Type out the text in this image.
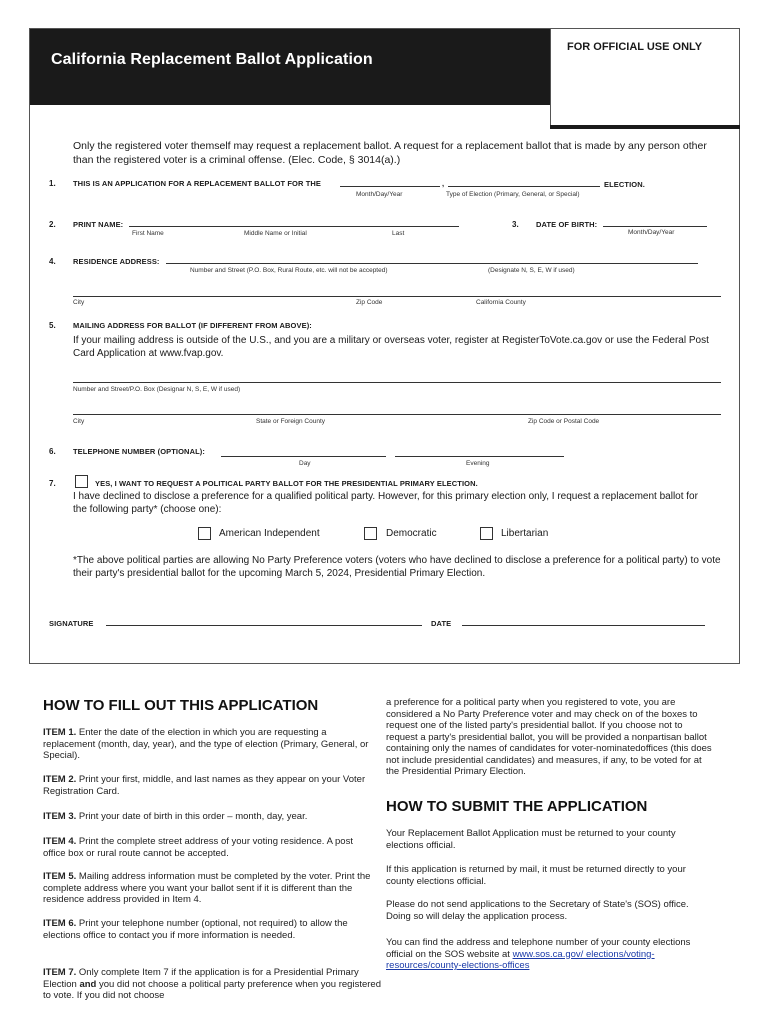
California Replacement Ballot Application
FOR OFFICIAL USE ONLY
Only the registered voter themself may request a replacement ballot. A request for a replacement ballot that is made by any person other than the registered voter is a criminal offense. (Elec. Code, § 3014(a).)
1. THIS IS AN APPLICATION FOR A REPLACEMENT BALLOT FOR THE	,	ELECTION.
Month/Day/Year	Type of Election (Primary, General, or Special)
2. PRINT NAME:
First Name	Middle Name or Initial	Last
3. DATE OF BIRTH:
Month/Day/Year
4. RESIDENCE ADDRESS:
Number and Street (P.O. Box, Rural Route, etc. will not be accepted)	(Designate N, S, E, W if used)
City	Zip Code	California County
5. MAILING ADDRESS FOR BALLOT (IF DIFFERENT FROM ABOVE):
If your mailing address is outside of the U.S., and you are a military or overseas voter, register at RegisterToVote.ca.gov or use the Federal Post Card Application at www.fvap.gov.
Number and Street/P.O. Box (Designar N, S, E, W if used)
City	State or Foreign County	Zip Code or Postal Code
6. TELEPHONE NUMBER (OPTIONAL):
Day	Evening
7.	YES, I WANT TO REQUEST A POLITICAL PARTY BALLOT FOR THE PRESIDENTIAL PRIMARY ELECTION.
I have declined to disclose a preference for a qualified political party. However, for this primary election only, I request a replacement ballot for the following party* (choose one):
American Independent	Democratic	Libertarian
*The above political parties are allowing No Party Preference voters (voters who have declined to disclose a preference for a political party) to vote their party's presidential ballot for the upcoming March 5, 2024, Presidential Primary Election.
SIGNATURE	DATE
HOW TO FILL OUT THIS APPLICATION
ITEM 1. Enter the date of the election in which you are requesting a replacement (month, day, year), and the type of election (Primary, General, or Special).
ITEM 2. Print your first, middle, and last names as they appear on your Voter Registration Card.
ITEM 3. Print your date of birth in this order – month, day, year.
ITEM 4. Print the complete street address of your voting residence. A post office box or rural route cannot be accepted.
ITEM 5. Mailing address information must be completed by the voter. Print the complete address where you want your ballot sent if it is different than the residence address provided in Item 4.
ITEM 6. Print your telephone number (optional, not required) to allow the elections office to contact you if more information is needed.
ITEM 7. Only complete Item 7 if the application is for a Presidential Primary Election and you did not choose a political party preference when you registered to vote. If you did not choose
a preference for a political party when you registered to vote, you are considered a No Party Preference voter and may check on of the boxes to request one of the listed party's presidential ballot. If you choose not to request a party's presidential ballot, you will be provided a nonpartisan ballot containing only the names of candidates for voter-nominatedoffices (this does not include presidential candidates) and measures, if any, to be voted for at the Presidential Primary Election.
HOW TO SUBMIT THE APPLICATION
Your Replacement Ballot Application must be returned to your county elections official.
If this application is returned by mail, it must be returned directly to your county elections official.
Please do not send applications to the Secretary of State's (SOS) office. Doing so will delay the application process.
You can find the address and telephone number of your county elections official on the SOS website at www.sos.ca.gov/ elections/voting-resources/county-elections-offices
